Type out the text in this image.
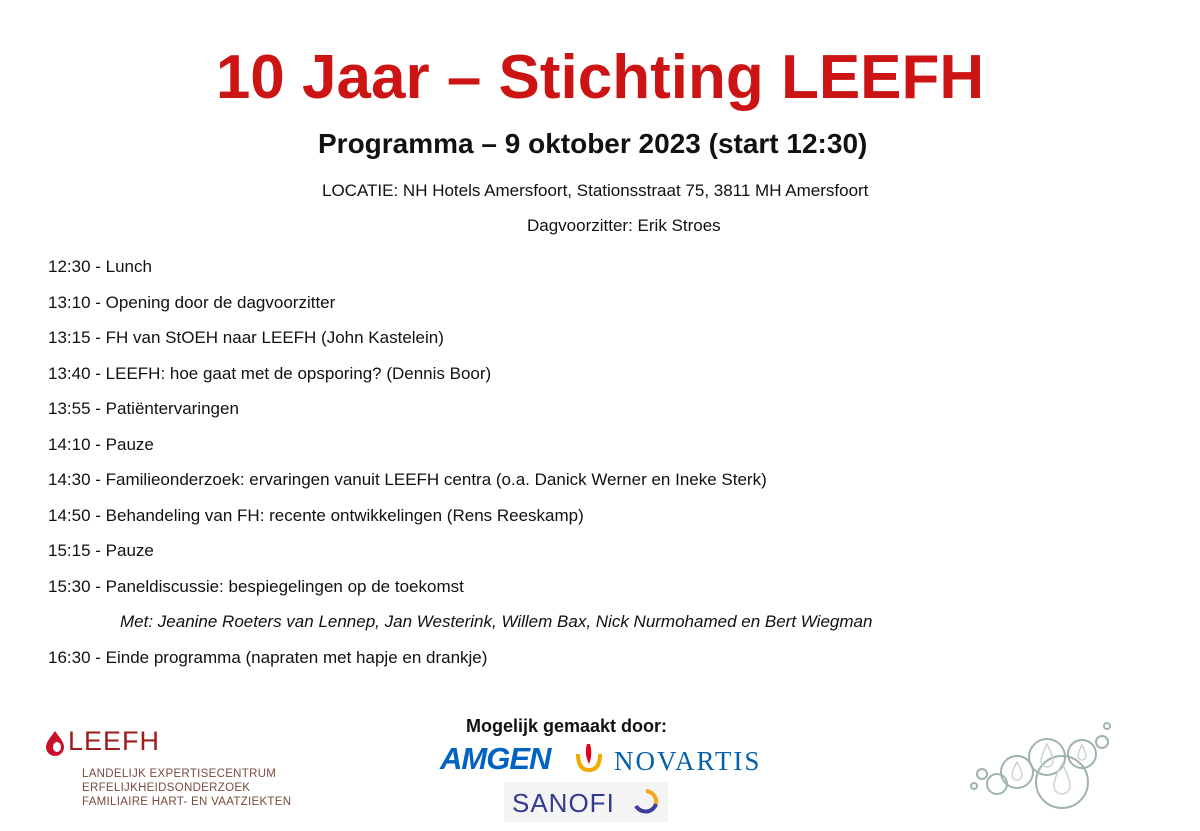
10 Jaar – Stichting LEEFH
Programma – 9 oktober 2023 (start 12:30)
LOCATIE: NH Hotels Amersfoort, Stationsstraat 75, 3811 MH Amersfoort
Dagvoorzitter: Erik Stroes
12:30 - Lunch
13:10 - Opening door de dagvoorzitter
13:15 - FH van StOEH naar LEEFH (John Kastelein)
13:40 - LEEFH: hoe gaat met de opsporing? (Dennis Boor)
13:55 - Patiëntervaringen
14:10 - Pauze
14:30 - Familieonderzoek: ervaringen vanuit LEEFH centra (o.a. Danick Werner en Ineke Sterk)
14:50 - Behandeling van FH: recente ontwikkelingen (Rens Reeskamp)
15:15 - Pauze
15:30 - Paneldiscussie: bespiegelingen op de toekomst
Met: Jeanine Roeters van Lennep, Jan Westerink, Willem Bax, Nick Nurmohamed en Bert Wiegman
16:30 - Einde programma (napraten met hapje en drankje)
LEEFH
LANDELIJK EXPERTISECENTRUM
ERFELIJKHEIDSONDERZOEK
FAMILIAIRE HART- EN VAATZIEKTEN
Mogelijk gemaakt door:
AMGEN NOVARTIS
SANOFI
